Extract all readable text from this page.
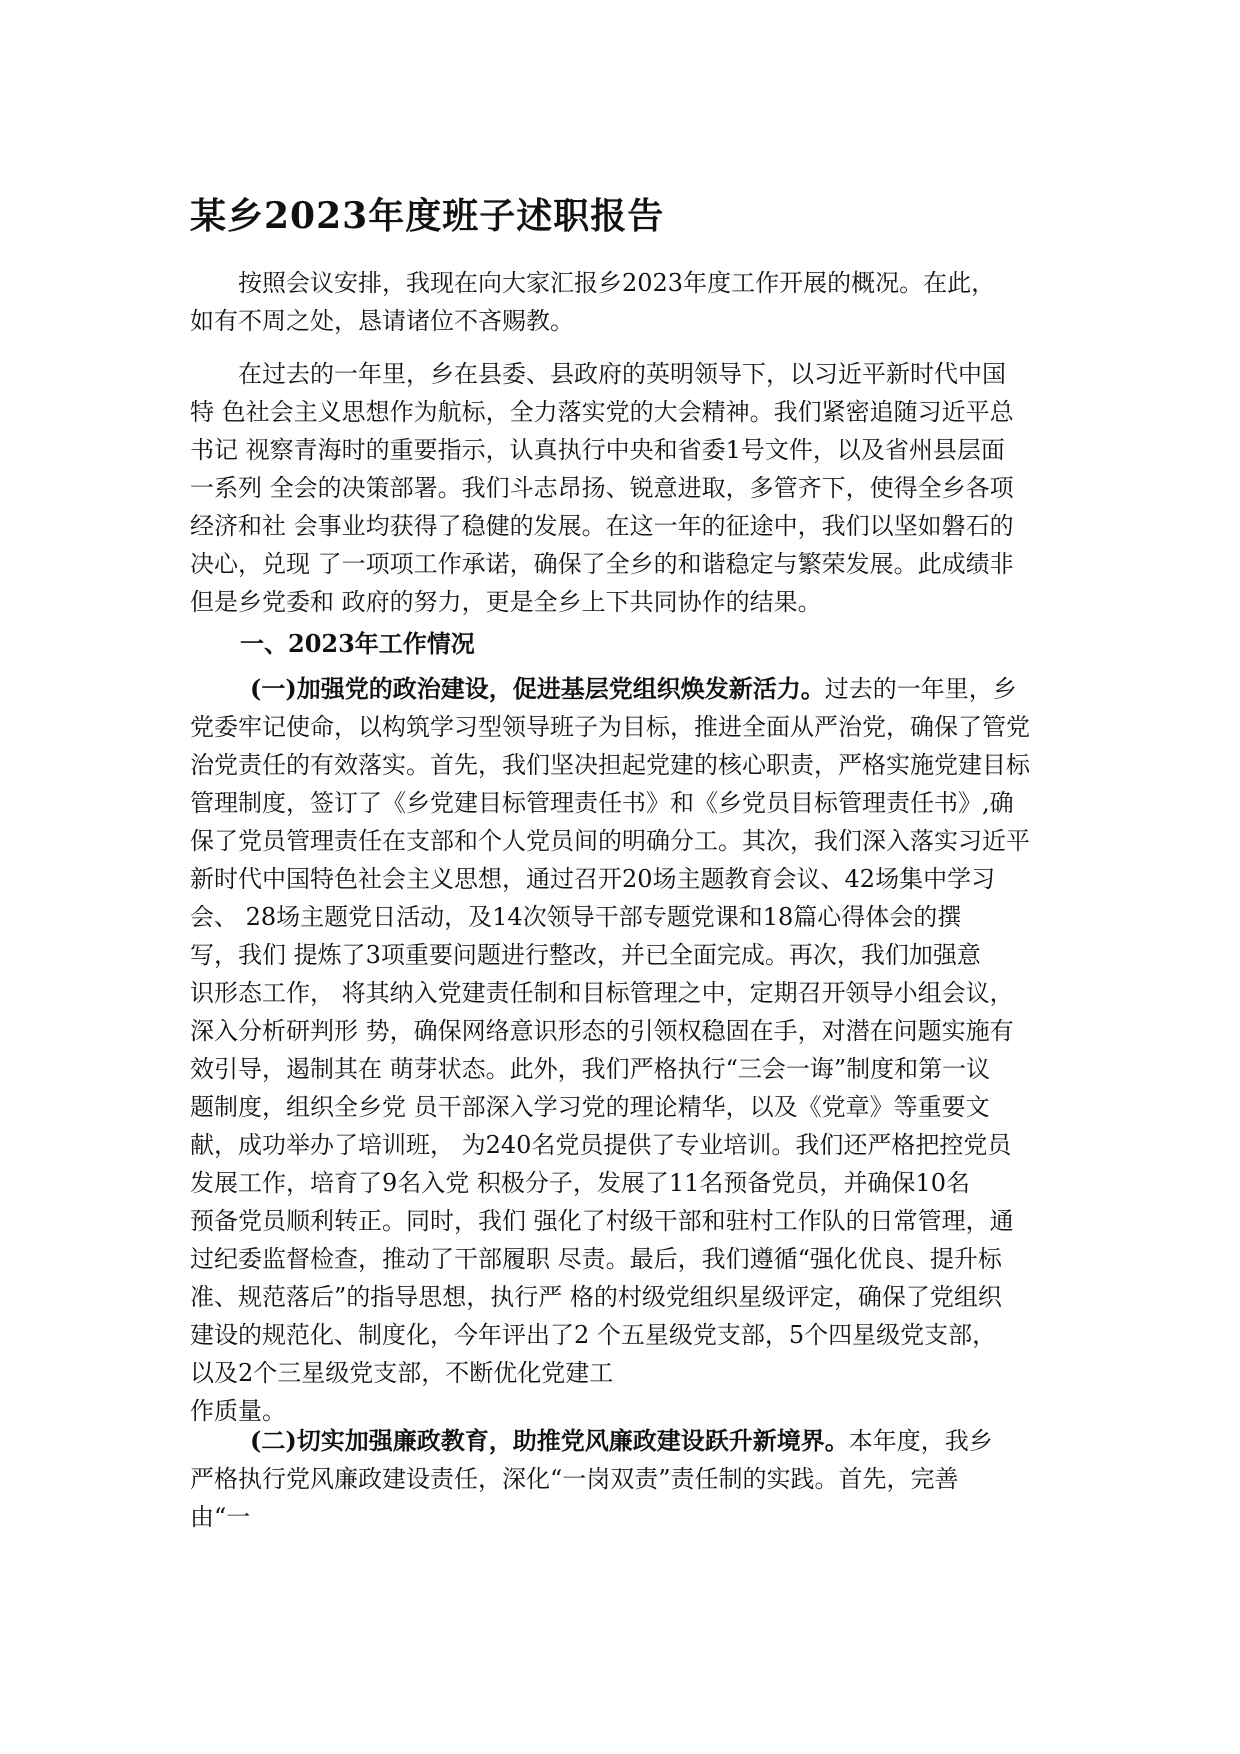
某乡2023年度班子述职报告
按照会议安排，我现在向大家汇报乡2023年度工作开展的概况。在此，
如有不周之处，恳请诸位不吝赐教。
在过去的一年里，乡在县委、县政府的英明领导下，以习近平新时代中国
特 色社会主义思想作为航标，全力落实党的大会精神。我们紧密追随习近平总
书记 视察青海时的重要指示，认真执行中央和省委1号文件，以及省州县层面
一系列 全会的决策部署。我们斗志昂扬、锐意进取，多管齐下，使得全乡各项
经济和社 会事业均获得了稳健的发展。在这一年的征途中，我们以坚如磐石的
决心，兑现 了一项项工作承诺，确保了全乡的和谐稳定与繁荣发展。此成绩非
但是乡党委和 政府的努力，更是全乡上下共同协作的结果。
一、2023年工作情况
(一)加强党的政治建设，促进基层党组织焕发新活力。过去的一年里，乡
党委牢记使命，以构筑学习型领导班子为目标，推进全面从严治党，确保了管党
治党责任的有效落实。首先，我们坚决担起党建的核心职责，严格实施党建目标
管理制度，签订了《乡党建目标管理责任书》和《乡党员目标管理责任书》,确
保了党员管理责任在支部和个人党员间的明确分工。其次，我们深入落实习近平
新时代中国特色社会主义思想，通过召开20场主题教育会议、42场集中学习
会、 28场主题党日活动，及14次领导干部专题党课和18篇心得体会的撰
写，我们 提炼了3项重要问题进行整改，并已全面完成。再次，我们加强意
识形态工作， 将其纳入党建责任制和目标管理之中，定期召开领导小组会议，
深入分析研判形 势，确保网络意识形态的引领权稳固在手，对潜在问题实施有
效引导，遏制其在 萌芽状态。此外，我们严格执行“三会一诲”制度和第一议
题制度，组织全乡党 员干部深入学习党的理论精华，以及《党章》等重要文
献，成功举办了培训班， 为240名党员提供了专业培训。我们还严格把控党员
发展工作，培育了9名入党 积极分子，发展了11名预备党员，并确保10名
预备党员顺利转正。同时，我们 强化了村级干部和驻村工作队的日常管理，通
过纪委监督检查，推动了干部履职 尽责。最后，我们遵循“强化优良、提升标
准、规范落后”的指导思想，执行严 格的村级党组织星级评定，确保了党组织
建设的规范化、制度化，今年评出了2 个五星级党支部，5个四星级党支部，
以及2个三星级党支部，不断优化党建工
作质量。
(二)切实加强廉政教育，助推党风廉政建设跃升新境界。本年度，我乡
严格执行党风廉政建设责任，深化“一岗双责”责任制的实践。首先，完善
由“一
